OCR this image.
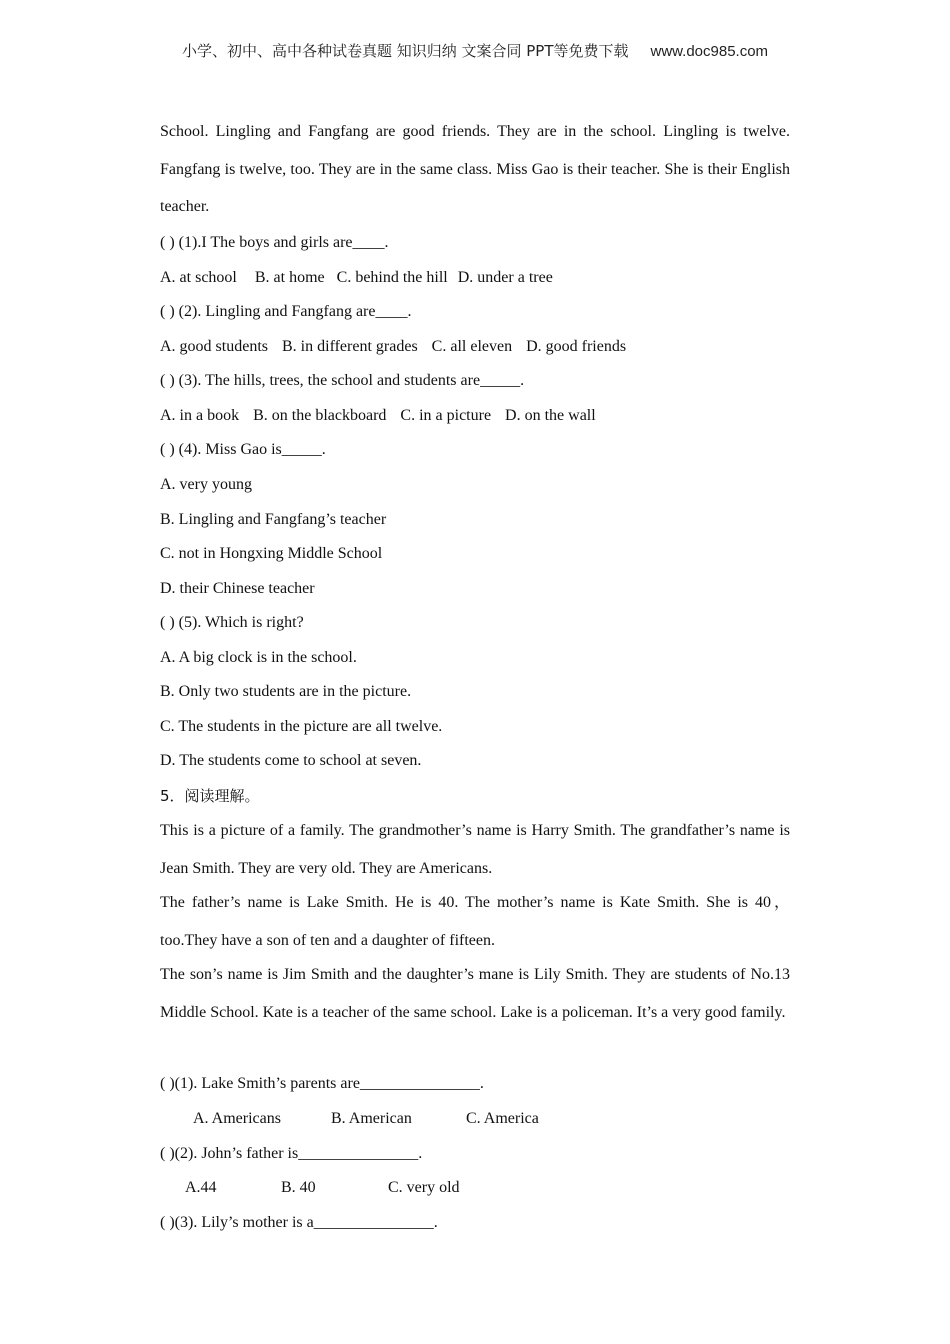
小学、初中、高中各种试卷真题 知识归纳 文案合同 PPT等免费下载 www.doc985.com
School. Lingling and Fangfang are good friends. They are in the school. Lingling is twelve. Fangfang is twelve, too. They are in the same class. Miss Gao is their teacher. She is their English teacher.
( ) (1).I The boys and girls are____.
A. at school B. at home C. behind the hill D. under a tree
( ) (2). Lingling and Fangfang are____.
A. good students B. in different grades C. all eleven D. good friends
( ) (3). The hills, trees, the school and students are_____.
A. in a book B. on the blackboard C. in a picture D. on the wall
( ) (4). Miss Gao is_____.
A. very young
B. Lingling and Fangfang’s teacher
C. not in Hongxing Middle School
D. their Chinese teacher
( ) (5). Which is right?
A. A big clock is in the school.
B. Only two students are in the picture.
C. The students in the picture are all twelve.
D. The students come to school at seven.
5．阅读理解。
This is a picture of a family. The grandmother’s name is Harry Smith. The grandfather’s name is Jean Smith. They are very old. They are Americans.
The father’s name is Lake Smith. He is 40. The mother’s name is Kate Smith. She is 40，too.They have a son of ten and a daughter of fifteen.
The son’s name is Jim Smith and the daughter’s mane is Lily Smith. They are students of No.13 Middle School. Kate is a teacher of the same school. Lake is a policeman. It’s a very good family.
( )(1). Lake Smith’s parents are_______________.
A. Americans	B. American	C. America
( )(2). John’s father is_______________.
A.44	B. 40	C. very old
( )(3). Lily’s mother is a_______________.
